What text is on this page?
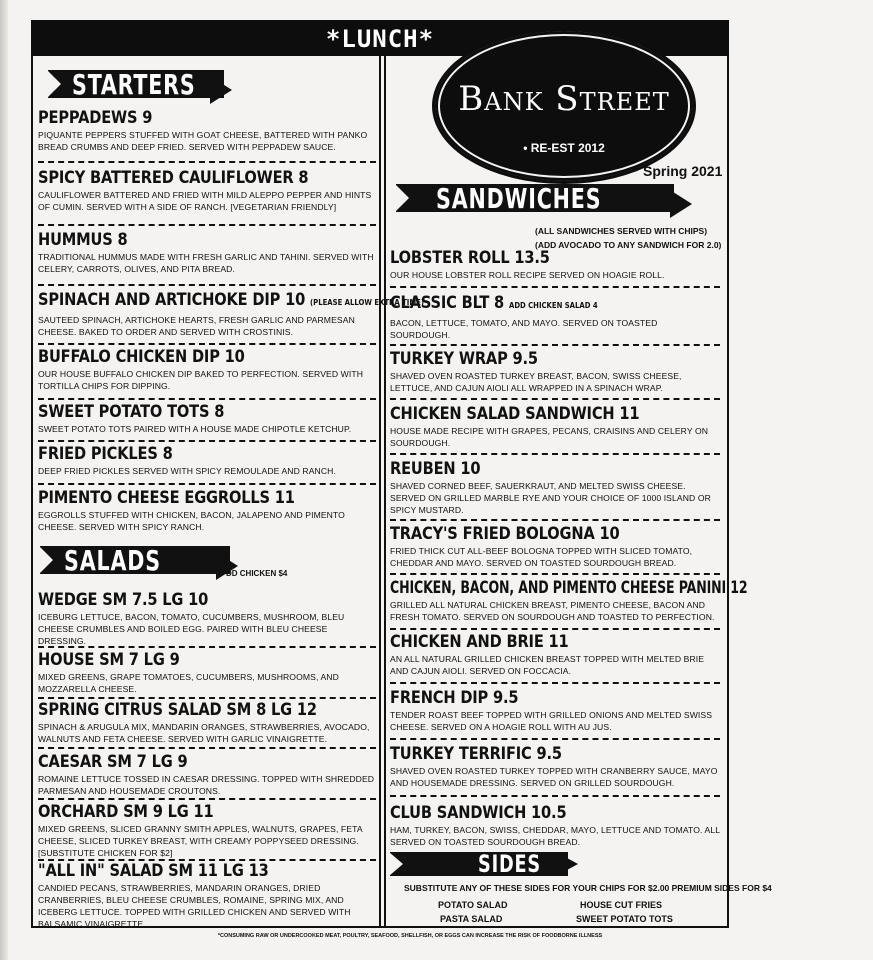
*LUNCH*
STARTERS
PEPPADEWS 9
PIQUANTE PEPPERS STUFFED WITH GOAT CHEESE, BATTERED WITH PANKO BREAD CRUMBS AND DEEP FRIED. SERVED WITH PEPPADEW SAUCE.
SPICY BATTERED CAULIFLOWER 8
CAULIFLOWER BATTERED AND FRIED WITH MILD ALEPPO PEPPER AND HINTS OF CUMIN. SERVED WITH A SIDE OF RANCH. [VEGETARIAN FRIENDLY]
HUMMUS 8
TRADITIONAL HUMMUS MADE WITH FRESH GARLIC AND TAHINI. SERVED WITH CELERY, CARROTS, OLIVES, AND PITA BREAD.
SPINACH AND ARTICHOKE DIP 10 (PLEASE ALLOW EXTRA TIME)
SAUTEED SPINACH, ARTICHOKE HEARTS, FRESH GARLIC AND PARMESAN CHEESE. BAKED TO ORDER AND SERVED WITH CROSTINIS.
BUFFALO CHICKEN DIP 10
OUR HOUSE BUFFALO CHICKEN DIP BAKED TO PERFECTION. SERVED WITH TORTILLA CHIPS FOR DIPPING.
SWEET POTATO TOTS 8
SWEET POTATO TOTS PAIRED WITH A HOUSE MADE CHIPOTLE KETCHUP.
FRIED PICKLES 8
DEEP FRIED PICKLES SERVED WITH SPICY REMOULADE AND RANCH.
PIMENTO CHEESE EGGROLLS 11
EGGROLLS STUFFED WITH CHICKEN, BACON, JALAPENO AND PIMENTO CHEESE. SERVED WITH SPICY RANCH.
SALADS	DD CHICKEN $4
WEDGE SM 7.5 LG 10
ICEBURG LETTUCE, BACON, TOMATO, CUCUMBERS, MUSHROOM, BLEU CHEESE CRUMBLES AND BOILED EGG. PAIRED WITH BLEU CHEESE DRESSING.
HOUSE SM 7 LG 9
MIXED GREENS, GRAPE TOMATOES, CUCUMBERS, MUSHROOMS, AND MOZZARELLA CHEESE.
SPRING CITRUS SALAD SM 8 LG 12
SPINACH & ARUGULA MIX, MANDARIN ORANGES, STRAWBERRIES, AVOCADO, WALNUTS AND FETA CHEESE. SERVED WITH GARLIC VINAIGRETTE.
CAESAR SM 7 LG 9
ROMAINE LETTUCE TOSSED IN CAESAR DRESSING. TOPPED WITH SHREDDED PARMESAN AND HOUSEMADE CROUTONS.
ORCHARD SM 9 LG 11
MIXED GREENS, SLICED GRANNY SMITH APPLES, WALNUTS, GRAPES, FETA CHEESE, SLICED TURKEY BREAST, WITH CREAMY POPPYSEED DRESSING. [SUBSTITUTE CHICKEN FOR $2]
"ALL IN" SALAD SM 11 LG 13
CANDIED PECANS, STRAWBERRIES, MANDARIN ORANGES, DRIED CRANBERRIES, BLEU CHEESE CRUMBLES, ROMAINE, SPRING MIX, AND ICEBERG LETTUCE. TOPPED WITH GRILLED CHICKEN AND SERVED WITH BALSAMIC VINAIGRETTE.
Bank Street
• RE-EST 2012
Spring 2021
SANDWICHES
(ALL SANDWICHES SERVED WITH CHIPS)
(ADD AVOCADO TO ANY SANDWICH FOR 2.0)
LOBSTER ROLL 13.5
OUR HOUSE LOBSTER ROLL RECIPE SERVED ON HOAGIE ROLL.
CLASSIC BLT 8 ADD CHICKEN SALAD 4
BACON, LETTUCE, TOMATO, AND MAYO. SERVED ON TOASTED SOURDOUGH.
TURKEY WRAP 9.5
SHAVED OVEN ROASTED TURKEY BREAST, BACON, SWISS CHEESE, LETTUCE, AND CAJUN AIOLI ALL WRAPPED IN A SPINACH WRAP.
CHICKEN SALAD SANDWICH 11
HOUSE MADE RECIPE WITH GRAPES, PECANS, CRAISINS AND CELERY ON SOURDOUGH.
REUBEN 10
SHAVED CORNED BEEF, SAUERKRAUT, AND MELTED SWISS CHEESE. SERVED ON GRILLED MARBLE RYE AND YOUR CHOICE OF 1000 ISLAND OR SPICY MUSTARD.
TRACY'S FRIED BOLOGNA 10
FRIED THICK CUT ALL-BEEF BOLOGNA TOPPED WITH SLICED TOMATO, CHEDDAR AND MAYO. SERVED ON TOASTED SOURDOUGH BREAD.
CHICKEN, BACON, AND PIMENTO CHEESE PANINI 12
GRILLED ALL NATURAL CHICKEN BREAST, PIMENTO CHEESE, BACON AND FRESH TOMATO. SERVED ON SOURDOUGH AND TOASTED TO PERFECTION.
CHICKEN AND BRIE 11
AN ALL NATURAL GRILLED CHICKEN BREAST TOPPED WITH MELTED BRIE AND CAJUN AIOLI. SERVED ON FOCCACIA.
FRENCH DIP 9.5
TENDER ROAST BEEF TOPPED WITH GRILLED ONIONS AND MELTED SWISS CHEESE. SERVED ON A HOAGIE ROLL WITH AU JUS.
TURKEY TERRIFIC 9.5
SHAVED OVEN ROASTED TURKEY TOPPED WITH CRANBERRY SAUCE, MAYO AND HOUSEMADE DRESSING. SERVED ON GRILLED SOURDOUGH.
CLUB SANDWICH 10.5
HAM, TURKEY, BACON, SWISS, CHEDDAR, MAYO, LETTUCE AND TOMATO. ALL SERVED ON TOASTED SOURDOUGH BREAD.
SIDES
SUBSTITUTE ANY OF THESE SIDES FOR YOUR CHIPS FOR $2.00 PREMIUM SIDES FOR $4
POTATO SALAD	HOUSE CUT FRIES
PASTA SALAD	SWEET POTATO TOTS
*CONSUMING RAW OR UNDERCOOKED MEAT, POULTRY, SEAFOOD, SHELLFISH, OR EGGS CAN INCREASE THE RISK OF FOODBORNE ILLNESS
